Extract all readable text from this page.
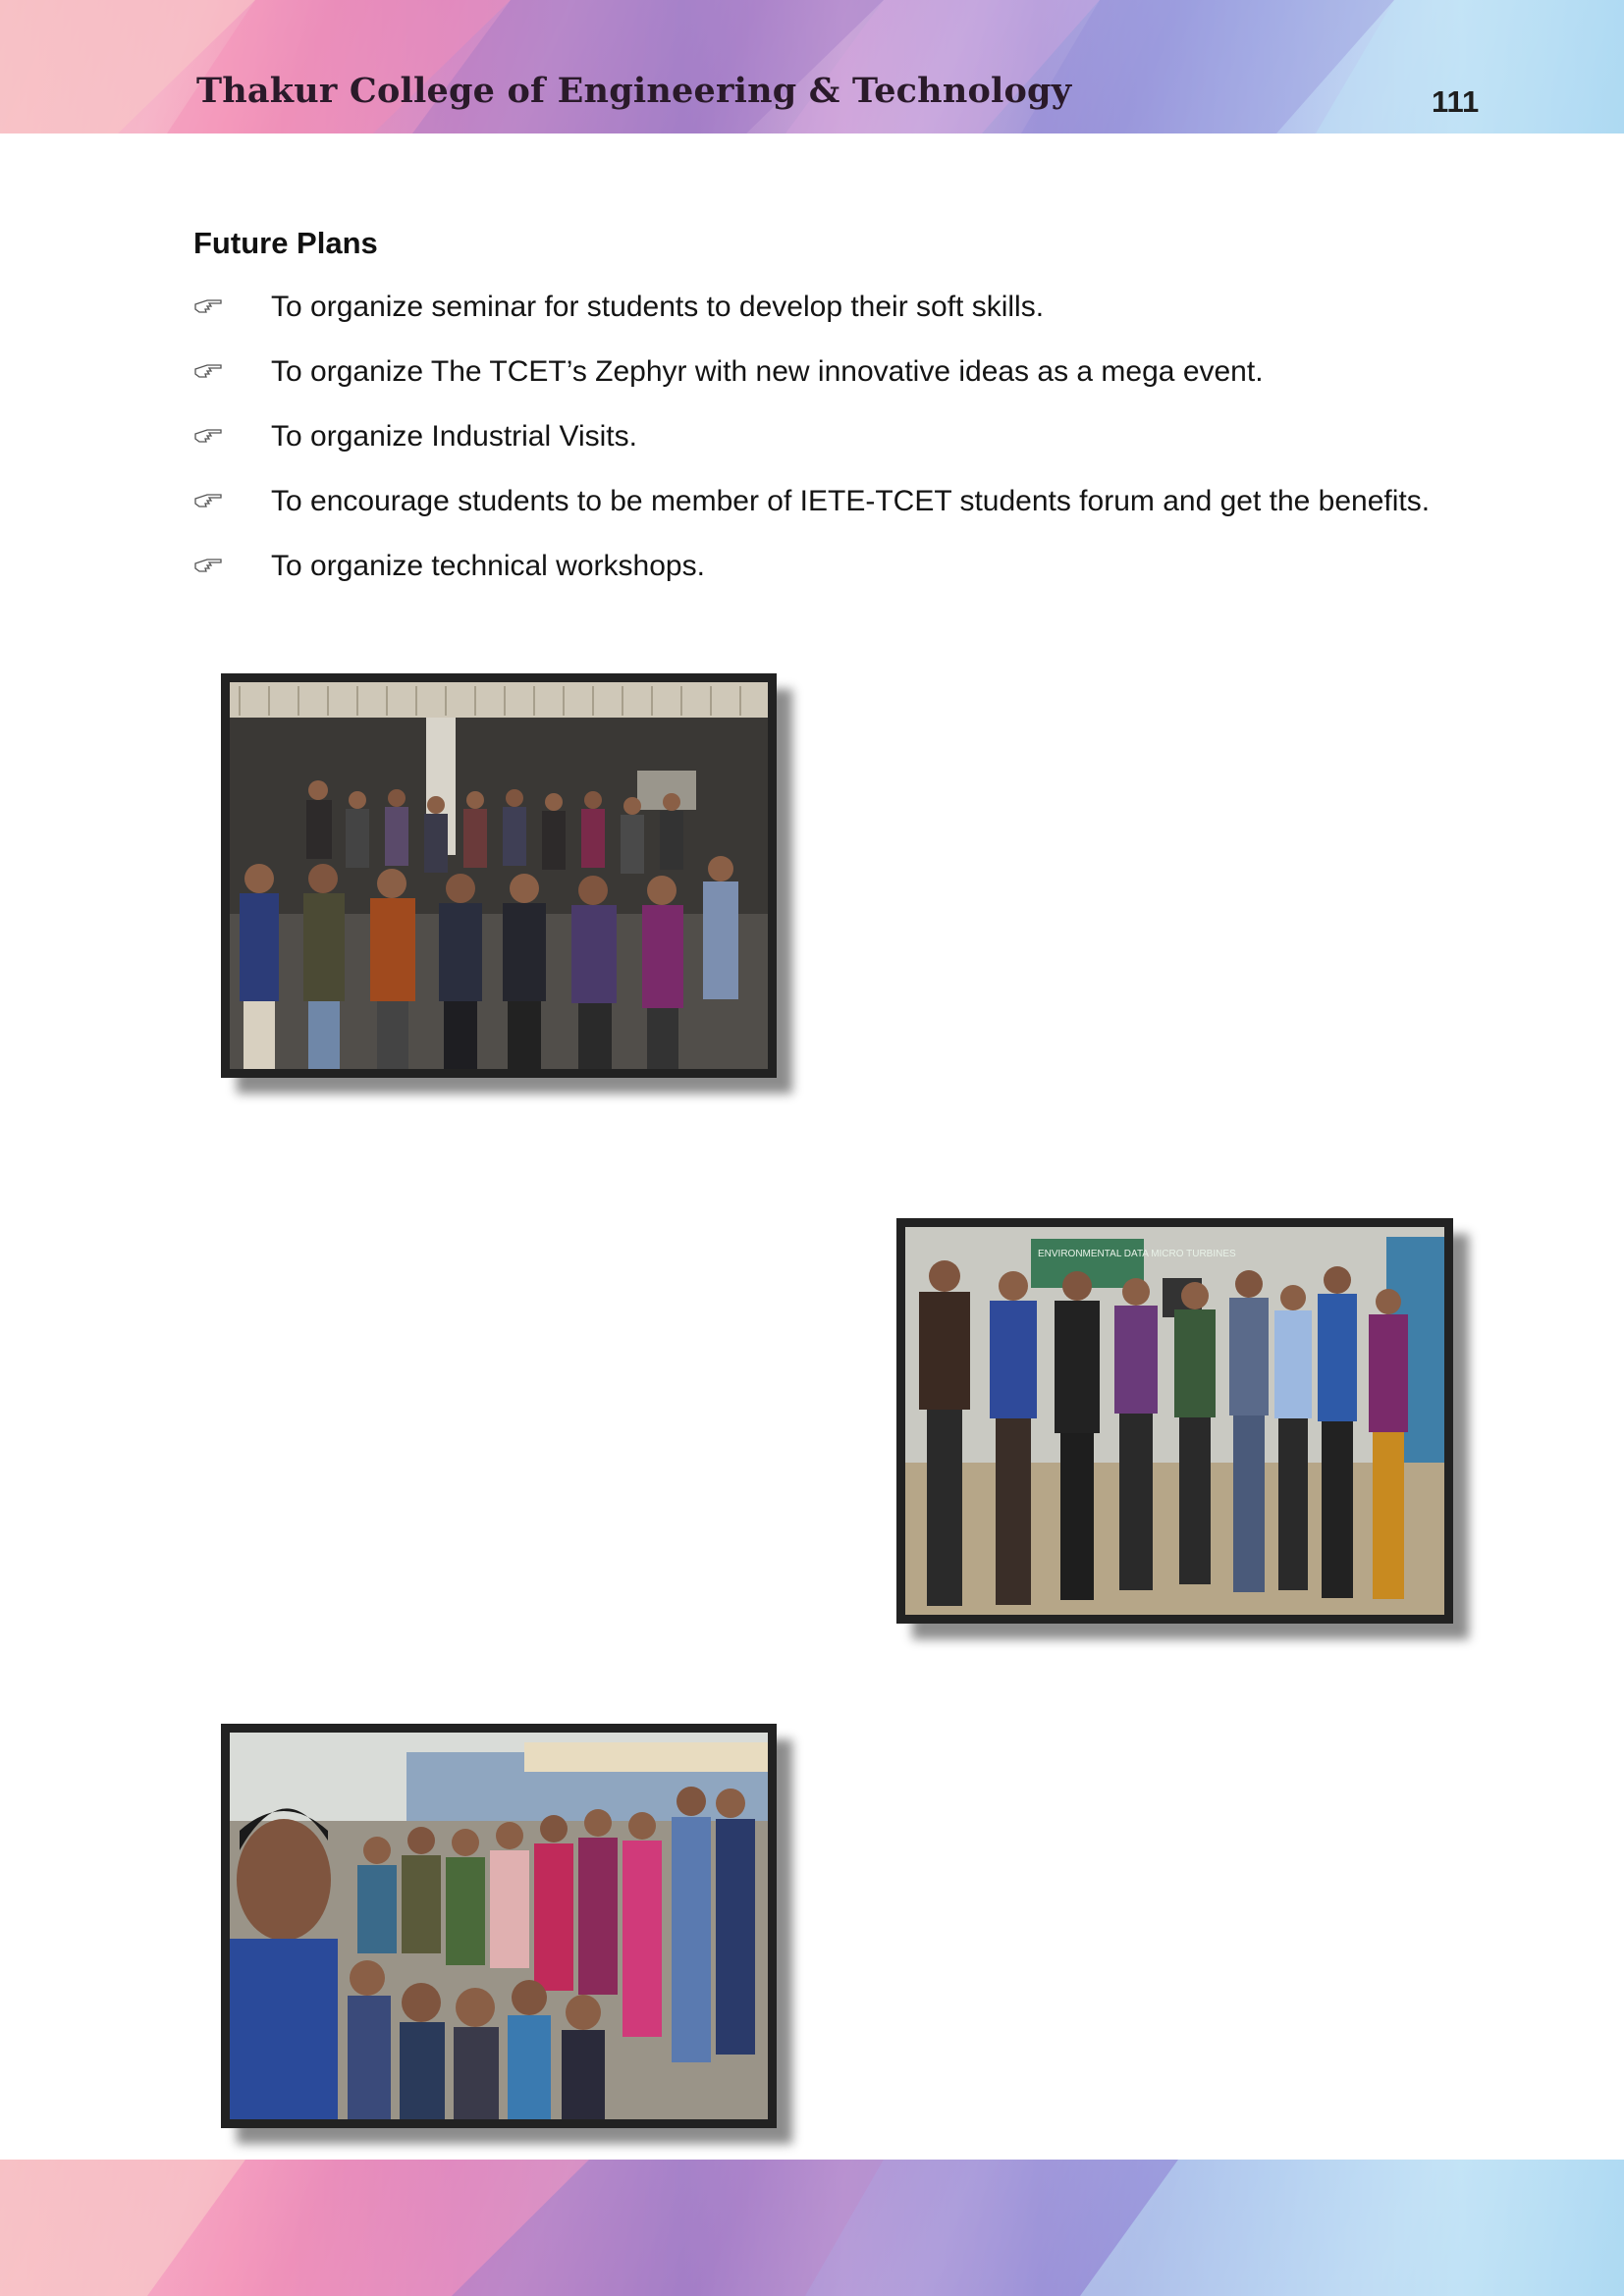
Thakur College of Engineering & Technology	111
Future Plans
To organize seminar for students to develop their soft skills.
To organize The TCET’s Zephyr with new innovative ideas as a mega event.
To organize Industrial Visits.
To encourage students to be member of IETE-TCET students forum and get the benefits.
To organize technical workshops.
ENVIRONMENTAL DATA MICRO TURBINES
